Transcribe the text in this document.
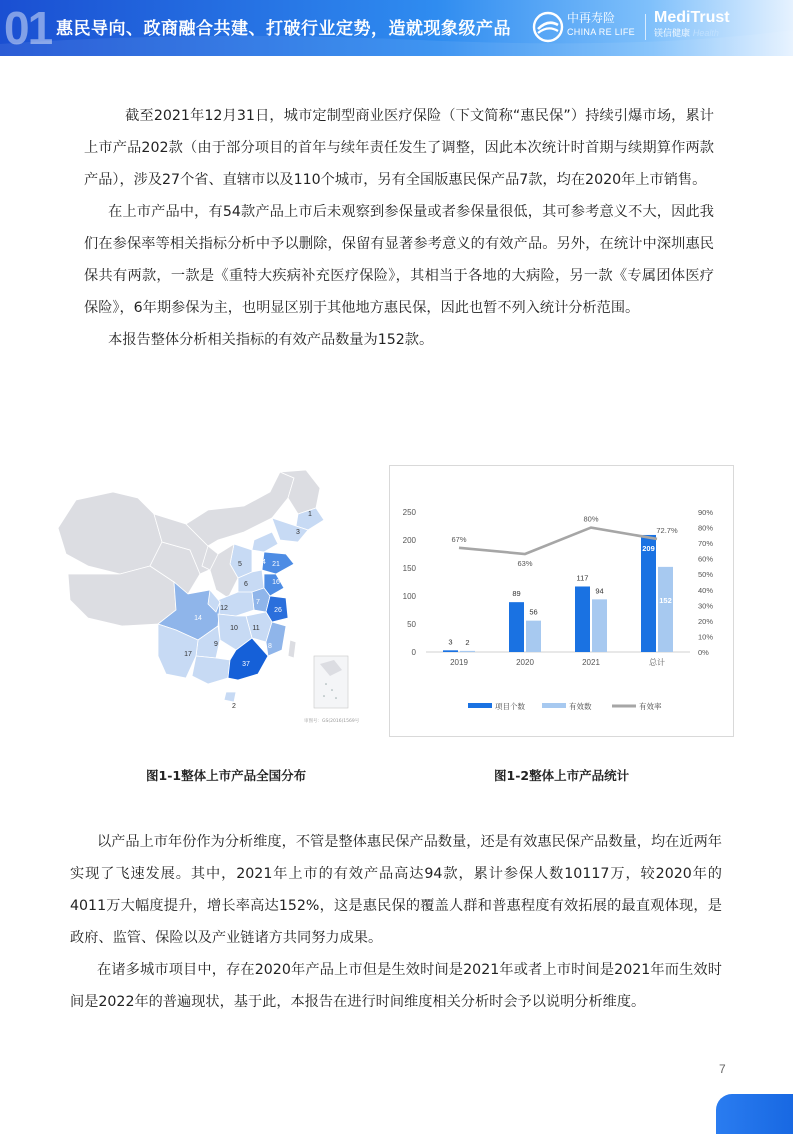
01 惠民导向、政商融合共建、打破行业定势，造就现象级产品
中再寿险
CHINA RE LIFE
MediTrust
镁信健康 Health

截至2021年12月31日，城市定制型商业医疗保险（下文简称“惠民保”）持续引爆市场，累计上市产品202款（由于部分项目的首年与续年责任发生了调整，因此本次统计时首期与续期算作两款产品），涉及27个省、直辖市以及110个城市，另有全国版惠民保产品7款，均在2020年上市销售。

在上市产品中，有54款产品上市后未观察到参保量或者参保量很低，其可参考意义不大，因此我们在参保率等相关指标分析中予以删除，保留有显著参考意义的有效产品。另外，在统计中深圳惠民保共有两款，一款是《重特大疾病补充医疗保险》，其相当于各地的大病险，另一款《专属团体医疗保险》，6年期参保为主，也明显区别于其他地方惠民保，因此也暂不列入统计分析范围。

本报告整体分析相关指标的有效产品数量为152款。

1
2
3
4
5
6
7
8
9
10 11
12
14
16
17
21
26
27
37
审图号：GS(2016)1569号
250
200
150
100
50
0
90%
80%
70%
60%
50%
40%
30%
20%
10%
0%
3 2
2019
89
56
2020
117
94
2021
209
152
总计
67%
63%
80%
72.7%
项目个数	有效数	有效率
图1-1整体上市产品全国分布	图1-2整体上市产品统计

以产品上市年份作为分析维度，不管是整体惠民保产品数量，还是有效惠民保产品数量，均在近两年实现了飞速发展。其中，2021年上市的有效产品高达94款，累计参保人数10117万，较2020年的4011万大幅度提升，增长率高达152%，这是惠民保的覆盖人群和普惠程度有效拓展的最直观体现，是政府、监管、保险以及产业链诸方共同努力成果。

在诸多城市项目中，存在2020年产品上市但是生效时间是2021年或者上市时间是2021年而生效时间是2022年的普遍现状，基于此，本报告在进行时间维度相关分析时会予以说明分析维度。

7
